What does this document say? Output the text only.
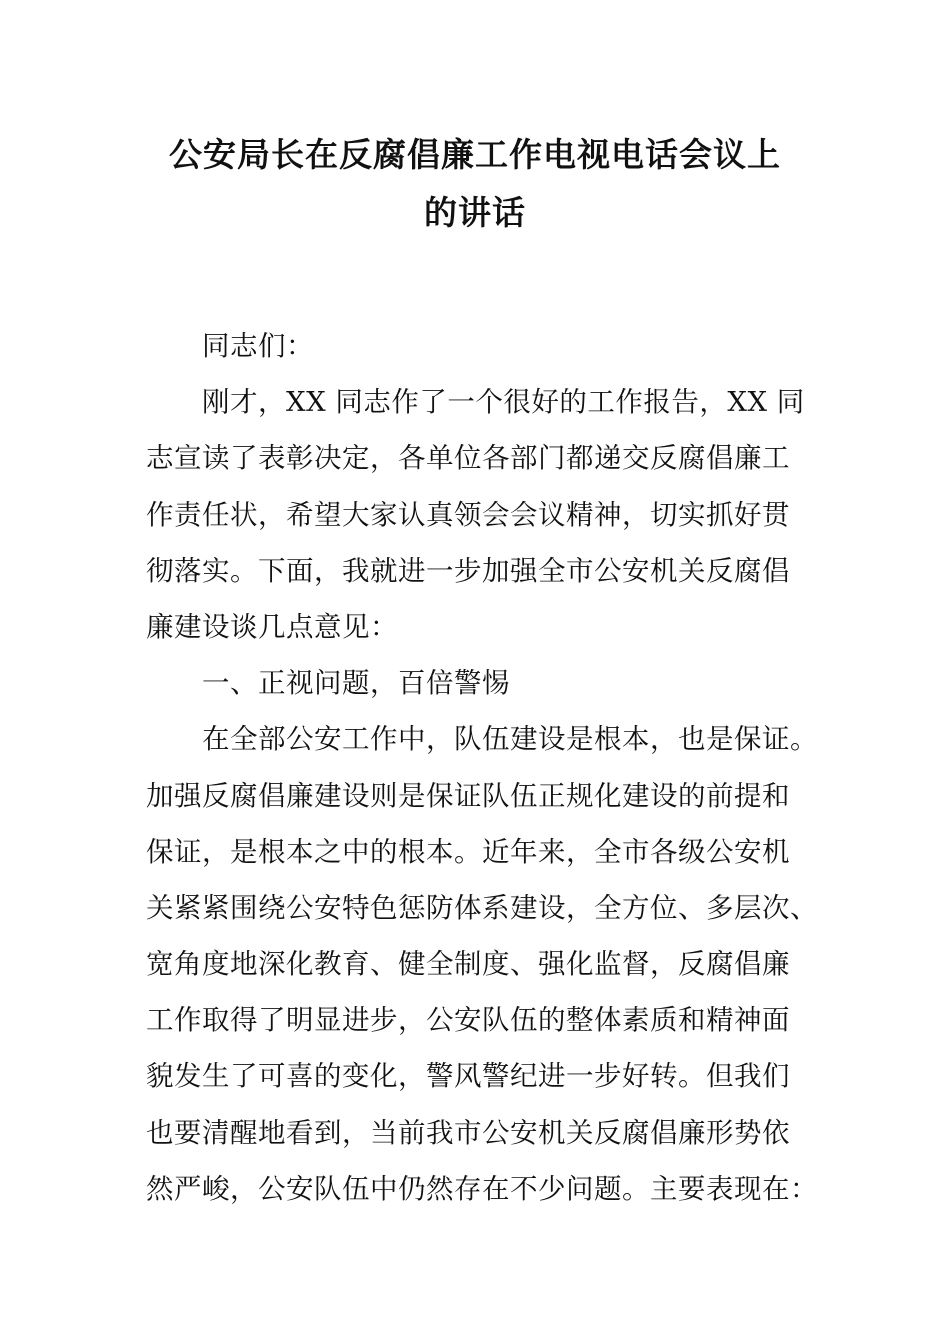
公安局长在反腐倡廉工作电视电话会议上
的讲话
同志们：
刚才，XX 同志作了一个很好的工作报告，XX 同
志宣读了表彰决定，各单位各部门都递交反腐倡廉工
作责任状，希望大家认真领会会议精神，切实抓好贯
彻落实。下面，我就进一步加强全市公安机关反腐倡
廉建设谈几点意见：
一、正视问题，百倍警惕
在全部公安工作中，队伍建设是根本，也是保证。
加强反腐倡廉建设则是保证队伍正规化建设的前提和
保证，是根本之中的根本。近年来，全市各级公安机
关紧紧围绕公安特色惩防体系建设，全方位、多层次、
宽角度地深化教育、健全制度、强化监督，反腐倡廉
工作取得了明显进步，公安队伍的整体素质和精神面
貌发生了可喜的变化，警风警纪进一步好转。但我们
也要清醒地看到，当前我市公安机关反腐倡廉形势依
然严峻，公安队伍中仍然存在不少问题。主要表现在：
